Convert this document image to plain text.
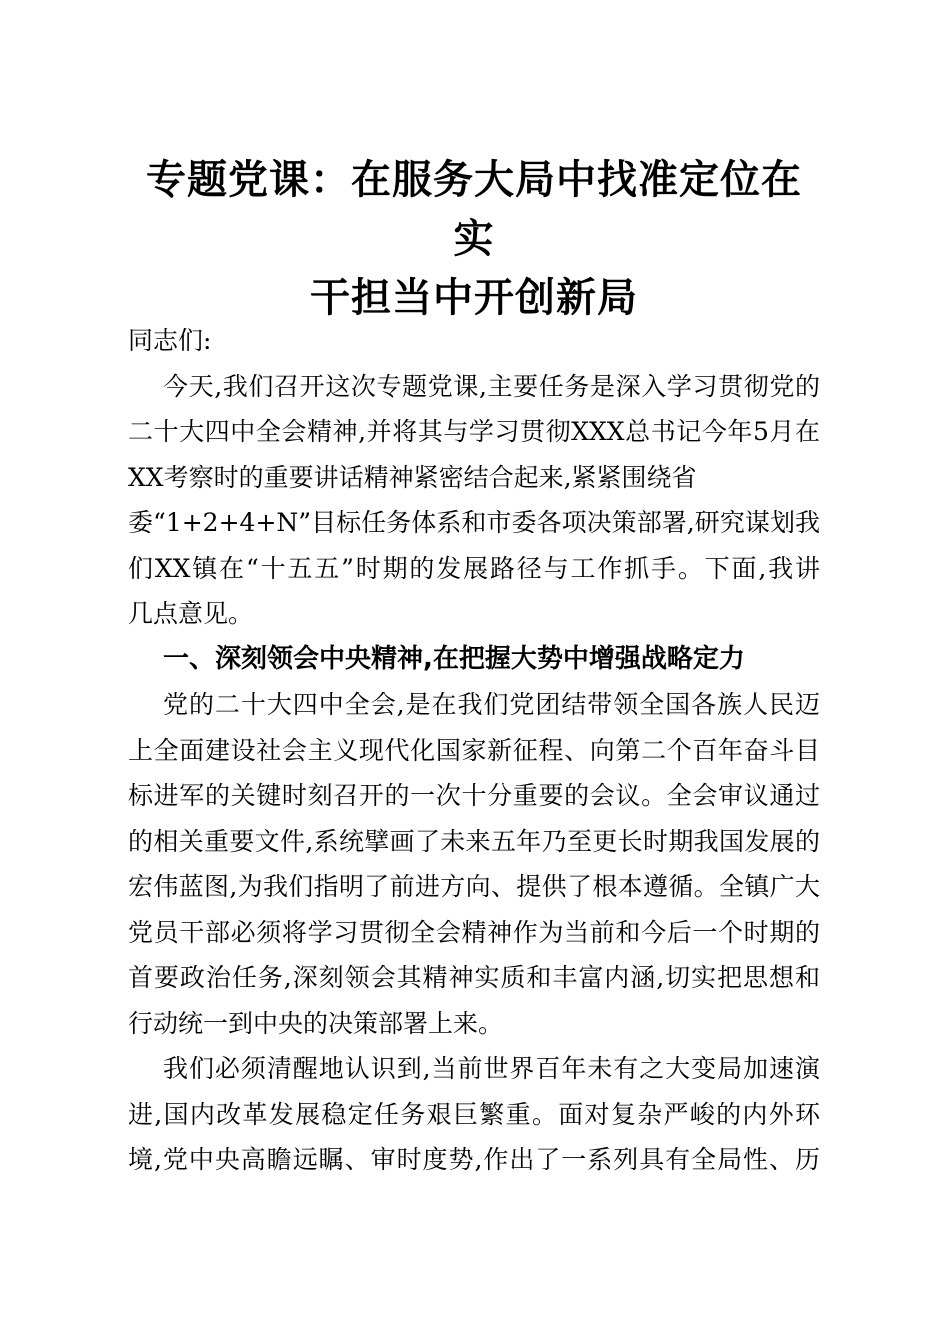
专题党课：在服务大局中找准定位在实
干担当中开创新局
同志们:
今天,我们召开这次专题党课,主要任务是深入学习贯彻党的
二十大四中全会精神,并将其与学习贯彻XXX总书记今年5月在
XX考察时的重要讲话精神紧密结合起来,紧紧围绕省
委“1+2+4+N”目标任务体系和市委各项决策部署,研究谋划我
们XX镇在“十五五”时期的发展路径与工作抓手。下面,我讲
几点意见。
一、深刻领会中央精神,在把握大势中增强战略定力
党的二十大四中全会,是在我们党团结带领全国各族人民迈
上全面建设社会主义现代化国家新征程、向第二个百年奋斗目
标进军的关键时刻召开的一次十分重要的会议。全会审议通过
的相关重要文件,系统擘画了未来五年乃至更长时期我国发展的
宏伟蓝图,为我们指明了前进方向、提供了根本遵循。全镇广大
党员干部必须将学习贯彻全会精神作为当前和今后一个时期的
首要政治任务,深刻领会其精神实质和丰富内涵,切实把思想和
行动统一到中央的决策部署上来。
我们必须清醒地认识到,当前世界百年未有之大变局加速演
进,国内改革发展稳定任务艰巨繁重。面对复杂严峻的内外环
境,党中央高瞻远瞩、审时度势,作出了一系列具有全局性、历
